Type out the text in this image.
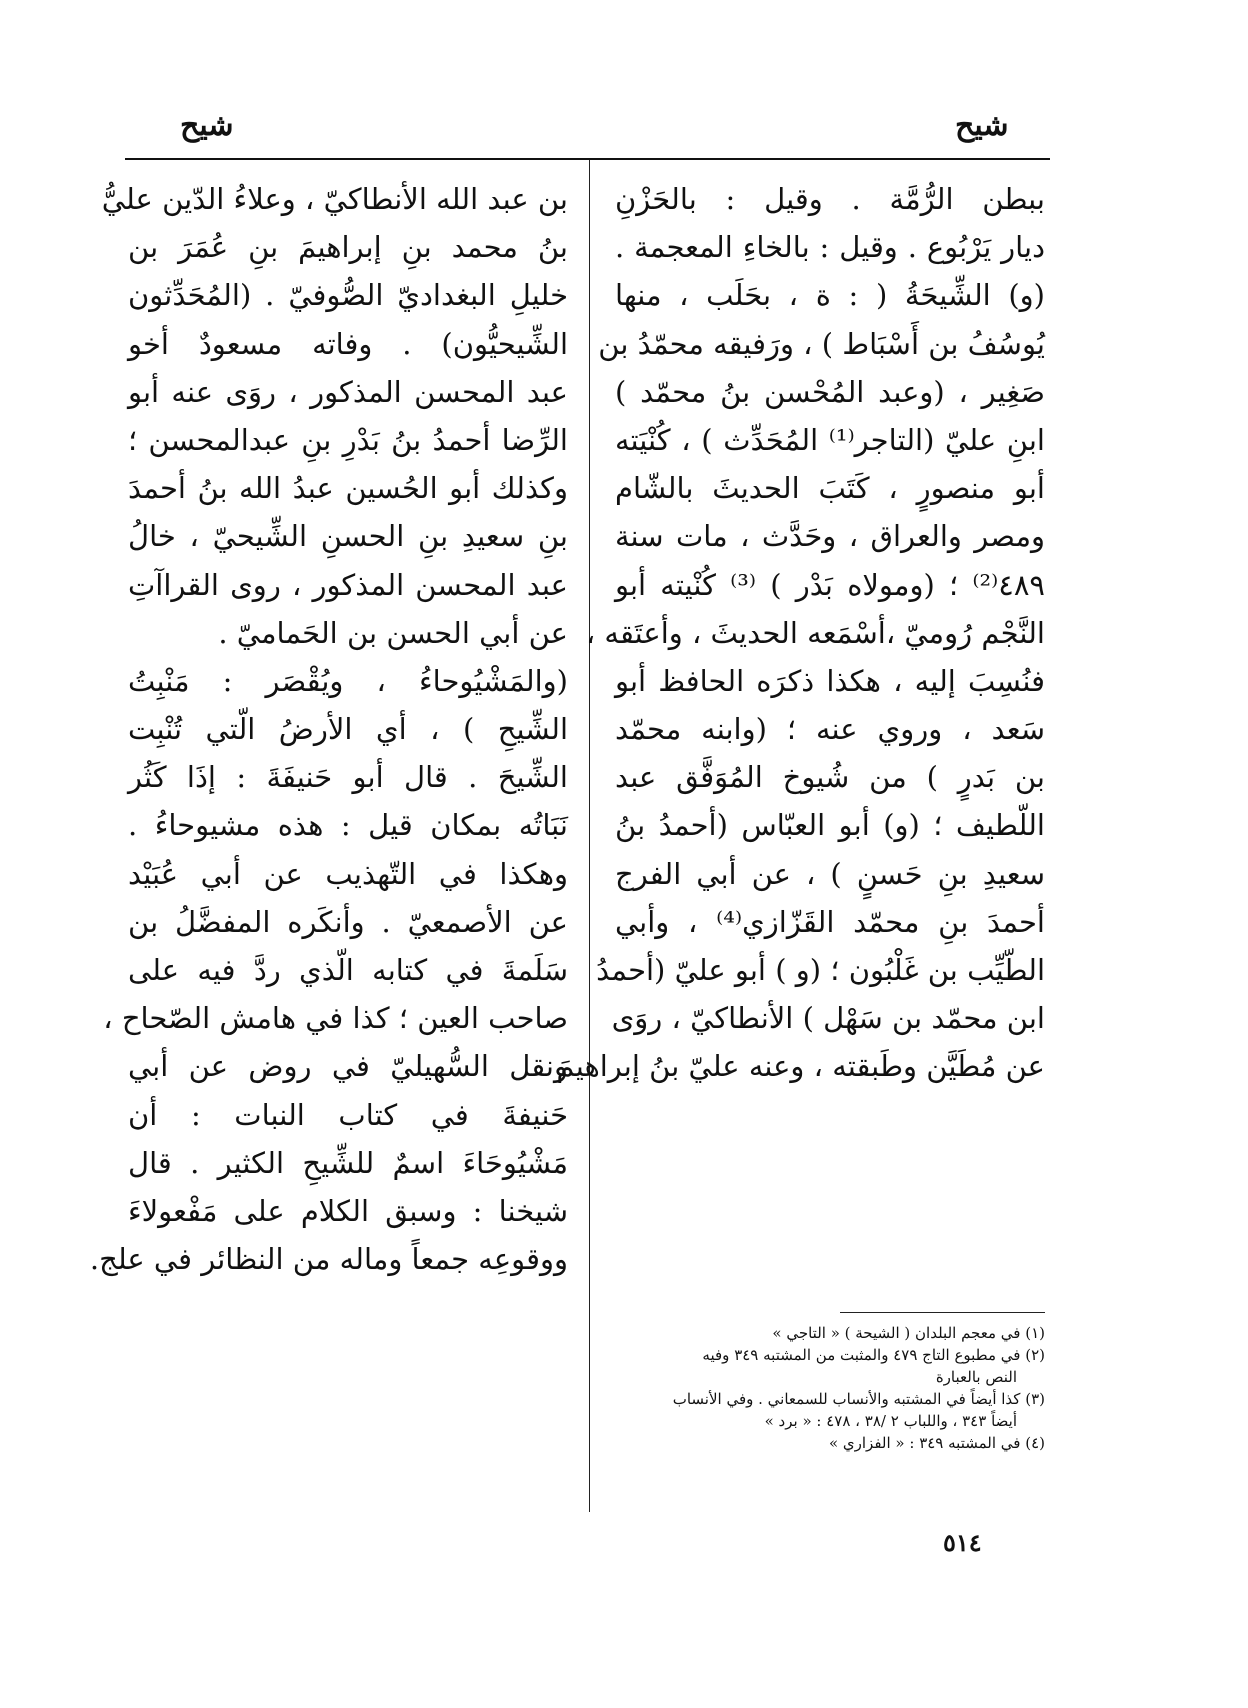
شيح
شيح
ببطن الرُّمَّة . وقيل : بالحَزْنِ
ديار يَرْبُوع . وقيل : بالخاءِ المعجمة .
(و) الشِّيحَةُ ( : ة ، بحَلَب ، منها
يُوسُفُ بن أَسْبَاط ) ، ورَفيقه محمّدُ بن
صَغِير ، (وعبد المُحْسن بنُ محمّد )
ابنِ عليّ (التاجر⁽¹⁾ المُحَدِّث ) ، كُنْيَته
أبو منصورٍ ، كَتَبَ الحديثَ بالشّام
ومصر والعراق ، وحَدَّث ، مات سنة
٤٨٩⁽²⁾ ؛ (ومولاه بَدْر ) ⁽³⁾ كُنْيته أبو
النَّجْم رُوميّ ،أسْمَعه الحديثَ ، وأعتَقه ،
فنُسِبَ إليه ، هكذا ذكرَه الحافظ أبو
سَعد ، وروي عنه ؛ (وابنه محمّد
بن بَدرٍ ) من شُيوخ المُوَفَّق عبد
اللّطيف ؛ (و) أبو العبّاس (أحمدُ بنُ
سعيدِ بنِ حَسنٍ ) ، عن أبي الفرج
أحمدَ بنِ محمّد القَزّازي⁽⁴⁾ ، وأبي
الطّيِّب بن غَلْبُون ؛ (و ) أبو عليّ (أحمدُ
ابن محمّد بن سَهْل ) الأنطاكيّ ، روَى
عن مُطَيَّن وطَبقته ، وعنه عليّ بنُ إبراهيمَ
بن عبد الله الأنطاكيّ ، وعلاءُ الدّين عليُّ
بنُ محمد بنِ إبراهيمَ بنِ عُمَرَ بن
خليلِ البغداديّ الصُّوفيّ . (المُحَدِّثون
الشِّيحيُّون) . وفاته مسعودٌ أخو
عبد المحسن المذكور ، روَى عنه أبو
الرِّضا أحمدُ بنُ بَدْرِ بنِ عبدالمحسن ؛
وكذلك أبو الحُسين عبدُ الله بنُ أحمدَ
بنِ سعيدِ بنِ الحسنِ الشِّيحيّ ، خالُ
عبد المحسن المذكور ، روى القراآتِ
عن أبي الحسن بن الحَماميّ .
(والمَشْيُوحاءُ ، ويُقْصَر : مَنْبِتُ
الشِّيحِ ) ، أي الأرضُ الّتي تُنْبِت
الشِّيحَ . قال أبو حَنيفَةَ : إذَا كَثُر
نَبَاتُه بمكان قيل : هذه مشيوحاءُ .
وهكذا في التّهذيب عن أبي عُبَيْد
عن الأصمعيّ . وأنكَره المفضَّلُ بن
سَلَمةَ في كتابه الّذي ردَّ فيه على
صاحب العين ؛ كذا في هامش الصّحاح ،
ونقل السُّهيليّ في روض عن أبي
حَنيفةَ في كتاب النبات : أن
مَشْيُوحَاءَ اسمٌ للشِّيحِ الكثير . قال
شيخنا : وسبق الكلام على مَفْعولاءَ
ووقوعِه جمعاً وماله من النظائر في علج.
(١) في معجم البلدان ( الشيحة ) « التاجي »
(٢) في مطبوع التاج ٤٧٩ والمثبت من المشتبه ٣٤٩ وفيه
النص بالعبارة
(٣) كذا أيضاً في المشتبه والأنساب للسمعاني . وفي الأنساب
أيضاً ٣٤٣ ، واللباب ٢ /٣٨ ، ٤٧٨ : « برد »
(٤) في المشتبه ٣٤٩ : « الفزاري »
٥١٤
